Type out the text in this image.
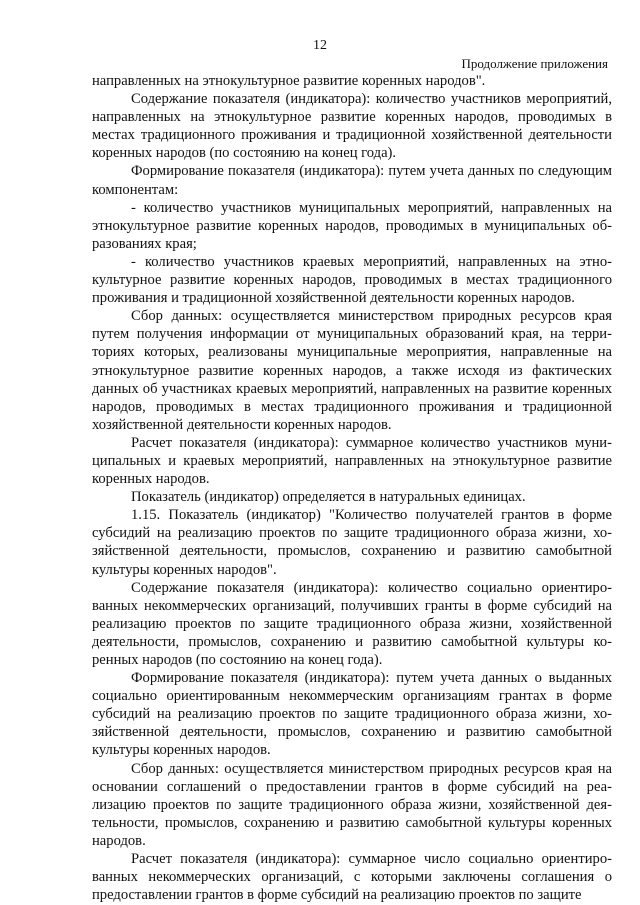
12
Продолжение приложения

направленных на этнокультурное развитие коренных народов".

Содержание показателя (индикатора): количество участников мероприятий, направленных на этнокультурное развитие коренных народов, проводимых в местах традиционного проживания и традиционной хозяйственной деятельности коренных народов (по состоянию на конец года).

Формирование показателя (индикатора): путем учета данных по следующим компонентам:

- количество участников муниципальных мероприятий, направленных на этнокультурное развитие коренных народов, проводимых в муниципальных образованиях края;

- количество участников краевых мероприятий, направленных на этнокультурное развитие коренных народов, проводимых в местах традиционного проживания и традиционной хозяйственной деятельности коренных народов.

Сбор данных: осуществляется министерством природных ресурсов края путем получения информации от муниципальных образований края, на территориях которых, реализованы муниципальные мероприятия, направленные на этнокультурное развитие коренных народов, а также исходя из фактических данных об участниках краевых мероприятий, направленных на развитие коренных народов, проводимых в местах традиционного проживания и традиционной хозяйственной деятельности коренных народов.

Расчет показателя (индикатора): суммарное количество участников муниципальных и краевых мероприятий, направленных на этнокультурное развитие коренных народов.

Показатель (индикатор) определяется в натуральных единицах.

1.15. Показатель (индикатор) "Количество получателей грантов в форме субсидий на реализацию проектов по защите традиционного образа жизни, хозяйственной деятельности, промыслов, сохранению и развитию самобытной культуры коренных народов".

Содержание показателя (индикатора): количество социально ориентированных некоммерческих организаций, получивших гранты в форме субсидий на реализацию проектов по защите традиционного образа жизни, хозяйственной деятельности, промыслов, сохранению и развитию самобытной культуры коренных народов (по состоянию на конец года).

Формирование показателя (индикатора): путем учета данных о выданных социально ориентированным некоммерческим организациям грантах в форме субсидий на реализацию проектов по защите традиционного образа жизни, хозяйственной деятельности, промыслов, сохранению и развитию самобытной культуры коренных народов.

Сбор данных: осуществляется министерством природных ресурсов края на основании соглашений о предоставлении грантов в форме субсидий на реализацию проектов по защите традиционного образа жизни, хозяйственной деятельности, промыслов, сохранению и развитию самобытной культуры коренных народов.

Расчет показателя (индикатора): суммарное число социально ориентированных некоммерческих организаций, с которыми заключены соглашения о предоставлении грантов в форме субсидий на реализацию проектов по защите
